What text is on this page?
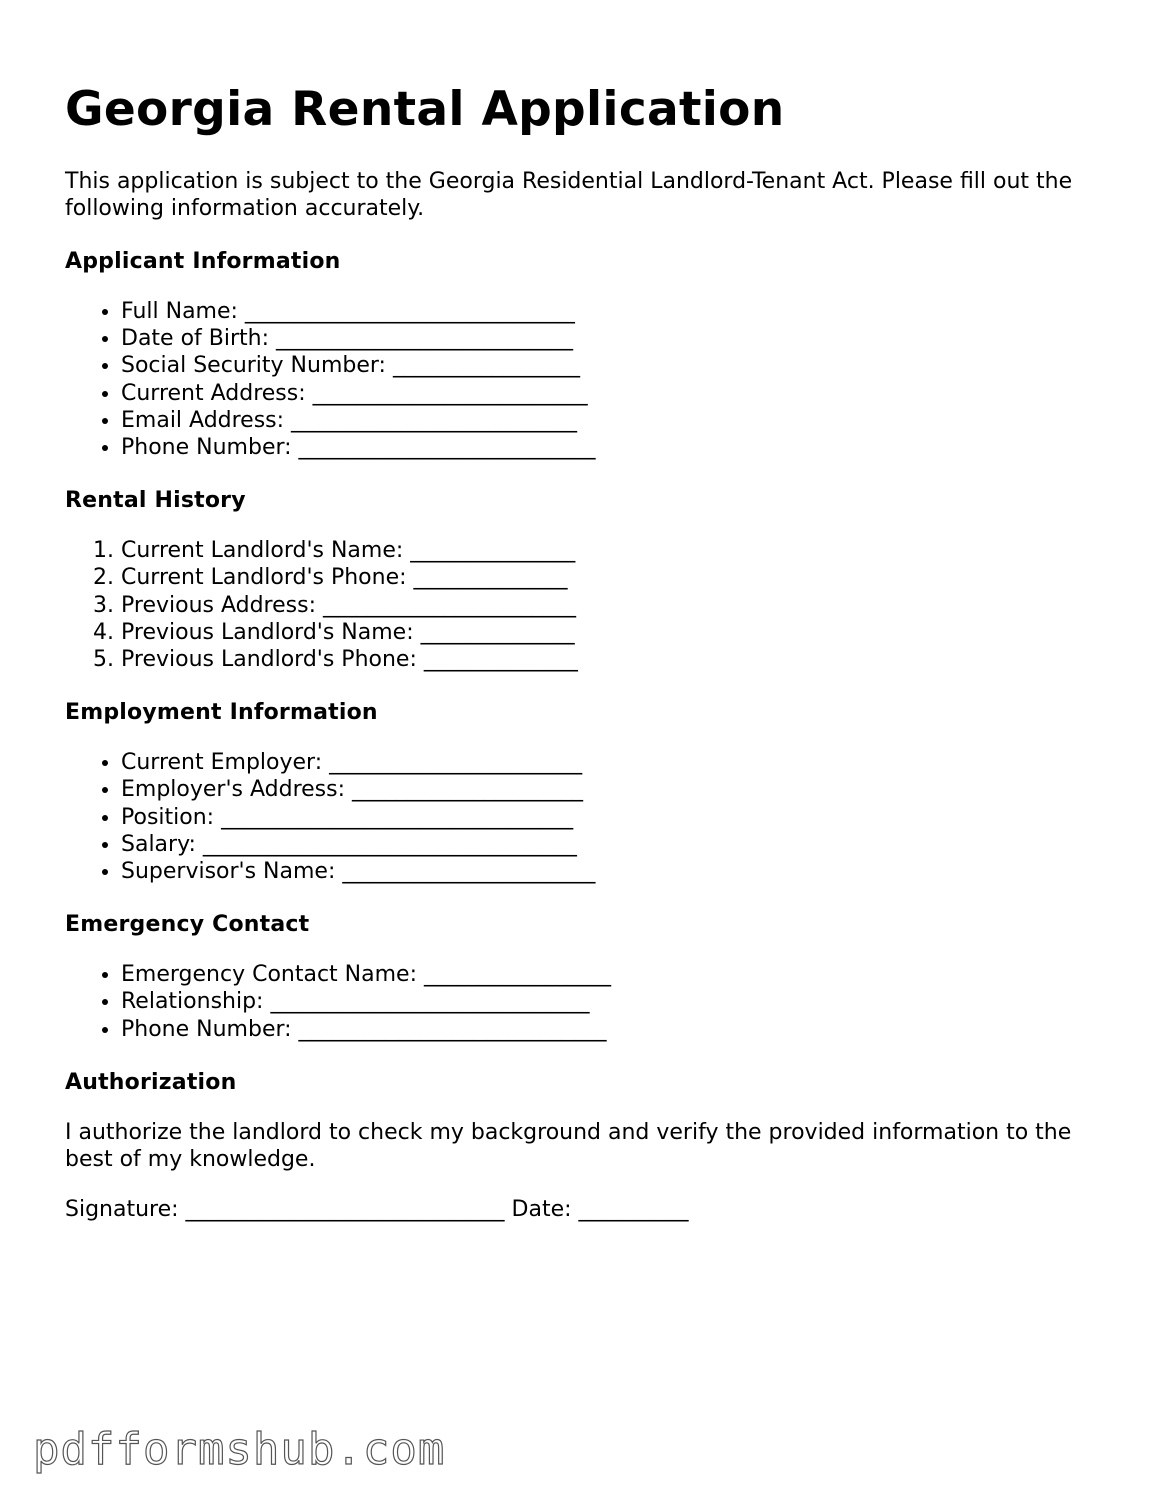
Georgia Rental Application

This application is subject to the Georgia Residential Landlord-Tenant Act. Please fill out the following information accurately.

Applicant Information
• Full Name: ______________________________
• Date of Birth: ___________________________
• Social Security Number: _________________
• Current Address: _________________________
• Email Address: __________________________
• Phone Number: ___________________________
Rental History
1. Current Landlord's Name: _______________
2. Current Landlord's Phone: ______________
3. Previous Address: _______________________
4. Previous Landlord's Name: ______________
5. Previous Landlord's Phone: ______________
Employment Information
• Current Employer: _______________________
• Employer's Address: _____________________
• Position: ________________________________
• Salary: __________________________________
• Supervisor's Name: _______________________
Emergency Contact
• Emergency Contact Name: _________________
• Relationship: _____________________________
• Phone Number: ____________________________
Authorization

I authorize the landlord to check my background and verify the provided information to the best of my knowledge.

Signature: _____________________________ Date: __________

pdfformshub.com
